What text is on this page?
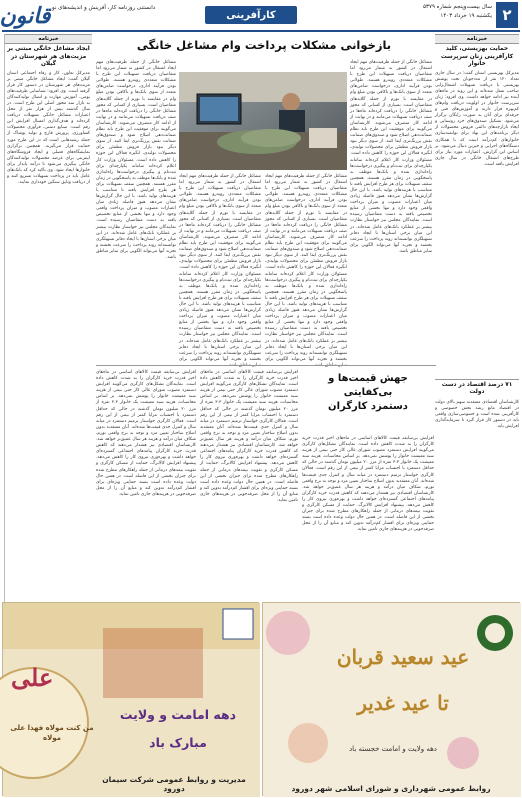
۲
قانون	کارآفرینی
سال بیست‌وپنجم شماره ۵۳۷۹
یکشنبه ۱۹ خرداد ۱۴۰۳
دانستنی روزنامه کار، آفرینش و اندیشه‌های نو
خبرنامه
حمایت بهزیستی، کلید کارآفرینی زنان سرپرست خانوار
مدیرکل بهزیستی استان گفت: در سال جاری تعداد ۱۲۰ نفر از مددجویان تحت پوشش بهزیستی با دریافت تسهیلات اشتغال‌زایی صاحب شغل شده‌اند و این روند در ماه‌های آینده نیز ادامه خواهد داشت. وی افزود: زنان سرپرست خانوار در اولویت دریافت وام‌های کم‌بهره قرار دارند و آموزش‌های فنی و حرفه‌ای برای آنان به صورت رایگان برگزار می‌شود. تشکیل صندوق‌های خرد روستایی و ایجاد بازارچه‌های دائمی فروش محصولات از دیگر برنامه‌های این نهاد برای توانمندسازی خانوارهای کم‌درآمد است که با همکاری دستگاه‌های اجرایی و خیرین دنبال می‌شود. بر اساس این گزارش، اعتبارات مورد نیاز برای طرح‌های اشتغال خانگی در سال جاری افزایش یافته است.
۷۱ درصد اقتصاد در دست دولت
کارشناسان اقتصادی معتقدند سهم بالای دولت در اقتصاد مانع رشد بخش خصوصی و کارآفرینی شده است و خصوصی‌سازی واقعی باید در دستور کار قرار گیرد تا سرمایه‌گذاری افزایش یابد.
خبرنامه
ایجاد مشاغل خانگی مبتنی بر مزیت‌های هر شهرستان در گیلان
مدیرکل تعاون، کار و رفاه اجتماعی استان گیلان گفت: ایجاد مشاغل خانگی مبتنی بر مزیت‌های هر شهرستان در دستور کار قرار گرفته است. وی افزود: شناسایی ظرفیت‌های بومی، آموزش مهارت و اتصال تولیدکنندگان به بازار سه محور اصلی این طرح است. در سال گذشته بیش از هزار نفر از محل اعتبارات مشاغل خانگی تسهیلات دریافت کرده‌اند و هدف‌گذاری امسال افزایش این رقم است. صنایع دستی، فرآوری محصولات کشاورزی، پرورش قارچ و تولید پوشاک از جمله رشته‌هایی است که در این طرح مورد حمایت قرار می‌گیرند. همچنین برگزاری نمایشگاه‌های فصلی و ایجاد فروشگاه‌های اینترنتی برای عرضه محصولات تولیدکنندگان خانگی پیگیری می‌شود تا درآمد پایدار برای خانوارها ایجاد شود. وی تاکید کرد که بانک‌های عامل باید در پرداخت تسهیلات تسریع کنند و از دریافت وثایق سنگین خودداری نمایند.
بازخوانی مشکلات پرداخت وام مشاغل خانگی
مشاغل خانگی از جمله ظرفیت‌های مهم ایجاد اشتغال در کشور به شمار می‌رود اما متقاضیان دریافت تسهیلات این طرح با مشکلات متعددی روبه‌رو هستند. طولانی بودن فرآیند اداری، درخواست ضامن‌های متعدد از سوی بانک‌ها و ناکافی بودن مبلغ وام در مقایسه با تورم از جمله گلایه‌های متقاضیان است. بسیاری از کسانی که مجوز مشاغل خانگی را دریافت کرده‌اند ماه‌ها در صف دریافت تسهیلات می‌مانند و در نهایت از ادامه کار منصرف می‌شوند. کارشناسان می‌گویند برای موفقیت این طرح باید نظام ضمانت‌دهی اصلاح شود و صندوق‌های ضمانت نقش پررنگ‌تری ایفا کنند. از سوی دیگر نبود بازار فروش مطمئن برای محصولات تولیدی، انگیزه فعالان این حوزه را کاهش داده است. مسئولان وزارت کار اعلام کرده‌اند سامانه یکپارچه‌ای برای ثبت‌نام و پیگیری درخواست‌ها راه‌اندازی شده و بانک‌ها موظف به پاسخگویی در زمان مقرر هستند. همچنین سقف تسهیلات برای هر طرح افزایش یافته تا متناسب با هزینه‌های تولید باشد. با این حال گزارش‌ها نشان می‌دهد هنوز فاصله زیادی میان اعتبارات مصوب و میزان پرداخت واقعی وجود دارد و تنها بخشی از منابع تخصیص یافته به دست متقاضیان رسیده است. نمایندگان مجلس نیز خواستار نظارت بیشتر بر عملکرد بانک‌های عامل شده‌اند. در این میان برخی استان‌ها با ایجاد دفاتر تسهیلگری توانسته‌اند روند پرداخت را سرعت بخشند و تجربه آنها می‌تواند الگویی برای سایر مناطق باشد.
مشاغل خانگی از جمله ظرفیت‌های مهم ایجاد اشتغال در کشور به شمار می‌رود اما متقاضیان دریافت تسهیلات این طرح با مشکلات متعددی روبه‌رو هستند. طولانی بودن فرآیند اداری، درخواست ضامن‌های متعدد از سوی بانک‌ها و ناکافی بودن مبلغ وام در مقایسه با تورم از جمله گلایه‌های متقاضیان است. بسیاری از کسانی که مجوز مشاغل خانگی را دریافت کرده‌اند ماه‌ها در صف دریافت تسهیلات می‌مانند و در نهایت از ادامه کار منصرف می‌شوند. کارشناسان می‌گویند برای موفقیت این طرح باید نظام ضمانت‌دهی اصلاح شود و صندوق‌های ضمانت نقش پررنگ‌تری ایفا کنند. از سوی دیگر نبود بازار فروش مطمئن برای محصولات تولیدی، انگیزه فعالان این حوزه را کاهش داده است. مسئولان وزارت کار اعلام کرده‌اند سامانه یکپارچه‌ای برای ثبت‌نام و پیگیری درخواست‌ها راه‌اندازی شده و بانک‌ها موظف به پاسخگویی در زمان مقرر هستند. همچنین سقف تسهیلات برای هر طرح افزایش یافته تا متناسب با هزینه‌های تولید باشد. با این حال گزارش‌ها نشان می‌دهد هنوز فاصله زیادی میان اعتبارات مصوب و میزان پرداخت واقعی وجود دارد و تنها بخشی از منابع تخصیص یافته به دست متقاضیان رسیده است. نمایندگان مجلس نیز خواستار نظارت بیشتر بر عملکرد بانک‌های عامل شده‌اند. در این میان برخی استان‌ها با ایجاد دفاتر تسهیلگری توانسته‌اند روند پرداخت را سرعت بخشند و تجربه آنها می‌تواند الگویی برای سایر مناطق باشد.
مشاغل خانگی از جمله ظرفیت‌های مهم ایجاد اشتغال در کشور به شمار می‌رود اما متقاضیان دریافت تسهیلات این طرح با مشکلات متعددی روبه‌رو هستند. طولانی بودن فرآیند اداری، درخواست ضامن‌های متعدد از سوی بانک‌ها و ناکافی بودن مبلغ وام در مقایسه با تورم از جمله گلایه‌های متقاضیان است. بسیاری از کسانی که مجوز مشاغل خانگی را دریافت کرده‌اند ماه‌ها در صف دریافت تسهیلات می‌مانند و در نهایت از ادامه کار منصرف می‌شوند. کارشناسان می‌گویند برای موفقیت این طرح باید نظام ضمانت‌دهی اصلاح شود و صندوق‌های ضمانت نقش پررنگ‌تری ایفا کنند. از سوی دیگر نبود بازار فروش مطمئن برای محصولات تولیدی، انگیزه فعالان این حوزه را کاهش داده است. مسئولان وزارت کار اعلام کرده‌اند سامانه یکپارچه‌ای برای ثبت‌نام و پیگیری درخواست‌ها راه‌اندازی شده و بانک‌ها موظف به پاسخگویی در زمان مقرر هستند. همچنین سقف تسهیلات برای هر طرح افزایش یافته تا متناسب با هزینه‌های تولید باشد. با این حال گزارش‌ها نشان می‌دهد هنوز فاصله زیادی میان اعتبارات مصوب و میزان پرداخت واقعی وجود دارد و تنها بخشی از منابع تخصیص یافته به دست متقاضیان رسیده است. نمایندگان مجلس نیز خواستار نظارت بیشتر بر عملکرد بانک‌های عامل شده‌اند. در این میان برخی استان‌ها با ایجاد دفاتر تسهیلگری توانسته‌اند روند پرداخت را سرعت بخشند و تجربه آنها می‌تواند الگویی برای سایر مناطق باشد.
مشاغل خانگی از جمله ظرفیت‌های مهم ایجاد اشتغال در کشور به شمار می‌رود اما متقاضیان دریافت تسهیلات این طرح با مشکلات متعددی روبه‌رو هستند. طولانی بودن فرآیند اداری، درخواست ضامن‌های متعدد از سوی بانک‌ها و ناکافی بودن مبلغ وام در مقایسه با تورم از جمله گلایه‌های متقاضیان است. بسیاری از کسانی که مجوز مشاغل خانگی را دریافت کرده‌اند ماه‌ها در صف دریافت تسهیلات می‌مانند و در نهایت از ادامه کار منصرف می‌شوند. کارشناسان می‌گویند برای موفقیت این طرح باید نظام ضمانت‌دهی اصلاح شود و صندوق‌های ضمانت نقش پررنگ‌تری ایفا کنند. از سوی دیگر نبود بازار فروش مطمئن برای محصولات تولیدی، انگیزه فعالان این حوزه را کاهش داده است. مسئولان وزارت کار اعلام کرده‌اند سامانه یکپارچه‌ای برای ثبت‌نام و پیگیری درخواست‌ها راه‌اندازی شده و بانک‌ها موظف به پاسخگویی در زمان مقرر هستند. همچنین سقف تسهیلات برای هر طرح افزایش یافته تا متناسب با هزینه‌های تولید باشد. با این حال گزارش‌ها نشان می‌دهد هنوز فاصله زیادی میان اعتبارات مصوب و میزان پرداخت واقعی وجود دارد و تنها بخشی از منابع تخصیص یافته به دست متقاضیان رسیده است. نمایندگان مجلس نیز خواستار نظارت بیشتر بر عملکرد بانک‌های عامل شده‌اند. در این میان برخی استان‌ها با ایجاد دفاتر تسهیلگری توانسته‌اند روند پرداخت را سرعت بخشند و تجربه آنها می‌تواند الگویی برای سایر مناطق باشد.
جهش قیمت‌ها و
بی‌کفایتی
دستمزد کارگران
افزایش بی‌سابقه قیمت کالاهای اساسی در ماه‌های اخیر قدرت خرید کارگران را به شدت کاهش داده است. نمایندگان تشکل‌های کارگری می‌گویند افزایش دستمزد مصوب شورای عالی کار حتی نیمی از هزینه سبد معیشت خانوار را پوشش نمی‌دهد. بر اساس محاسبات، هزینه سبد معیشت یک خانوار ۳.۳ نفره از مرز ۲۰ میلیون تومان گذشته در حالی که حداقل دستمزد با احتساب مزایا کمتر از نیمی از این رقم است. فعالان کارگری خواستار ترمیم دستمزد در میانه سال و کنترل جدی قیمت‌ها شده‌اند. آنان معتقدند بدون اصلاح ساختار تعیین مزد و توجه به نرخ واقعی تورم، شکاف میان درآمد و هزینه هر سال عمیق‌تر خواهد شد. کارشناسان اقتصادی نیز هشدار می‌دهند که کاهش قدرت خرید کارگران پیامدهای اجتماعی گسترده‌ای خواهد داشت و بهره‌وری نیروی کار را کاهش می‌دهد. پیشنهاد افزایش کالابرگ، حمایت از مسکن کارگری و تقویت بیمه‌های درمانی از جمله راهکارهای مطرح شده برای جبران بخشی از این فاصله است. در همین حال دولت وعده داده است بسته حمایتی ویژه‌ای برای اقشار کم‌درآمد تدوین کند و منابع آن را از محل صرفه‌جویی در هزینه‌های جاری تامین نماید.
افزایش بی‌سابقه قیمت کالاهای اساسی در ماه‌های اخیر قدرت خرید کارگران را به شدت کاهش داده است. نمایندگان تشکل‌های کارگری می‌گویند افزایش دستمزد مصوب شورای عالی کار حتی نیمی از هزینه سبد معیشت خانوار را پوشش نمی‌دهد. بر اساس محاسبات، هزینه سبد معیشت یک خانوار ۳.۳ نفره از مرز ۲۰ میلیون تومان گذشته در حالی که حداقل دستمزد با احتساب مزایا کمتر از نیمی از این رقم است. فعالان کارگری خواستار ترمیم دستمزد در میانه سال و کنترل جدی قیمت‌ها شده‌اند. آنان معتقدند بدون اصلاح ساختار تعیین مزد و توجه به نرخ واقعی تورم، شکاف میان درآمد و هزینه هر سال عمیق‌تر خواهد شد. کارشناسان اقتصادی نیز هشدار می‌دهند که کاهش قدرت خرید کارگران پیامدهای اجتماعی گسترده‌ای خواهد داشت و بهره‌وری نیروی کار را کاهش می‌دهد. پیشنهاد افزایش کالابرگ، حمایت از مسکن کارگری و تقویت بیمه‌های درمانی از جمله راهکارهای مطرح شده برای جبران بخشی از این فاصله است. در همین حال دولت وعده داده است بسته حمایتی ویژه‌ای برای اقشار کم‌درآمد تدوین کند و منابع آن را از محل صرفه‌جویی در هزینه‌های جاری تامین نماید.
افزایش بی‌سابقه قیمت کالاهای اساسی در ماه‌های اخیر قدرت خرید کارگران را به شدت کاهش داده است. نمایندگان تشکل‌های کارگری می‌گویند افزایش دستمزد مصوب شورای عالی کار حتی نیمی از هزینه سبد معیشت خانوار را پوشش نمی‌دهد. بر اساس محاسبات، هزینه سبد معیشت یک خانوار ۳.۳ نفره از مرز ۲۰ میلیون تومان گذشته در حالی که حداقل دستمزد با احتساب مزایا کمتر از نیمی از این رقم است. فعالان کارگری خواستار ترمیم دستمزد در میانه سال و کنترل جدی قیمت‌ها شده‌اند. آنان معتقدند بدون اصلاح ساختار تعیین مزد و توجه به نرخ واقعی تورم، شکاف میان درآمد و هزینه هر سال عمیق‌تر خواهد شد. کارشناسان اقتصادی نیز هشدار می‌دهند که کاهش قدرت خرید کارگران پیامدهای اجتماعی گسترده‌ای خواهد داشت و بهره‌وری نیروی کار را کاهش می‌دهد. پیشنهاد افزایش کالابرگ، حمایت از مسکن کارگری و تقویت بیمه‌های درمانی از جمله راهکارهای مطرح شده برای جبران بخشی از این فاصله است. در همین حال دولت وعده داده است بسته حمایتی ویژه‌ای برای اقشار کم‌درآمد تدوین کند و منابع آن را از محل صرفه‌جویی در هزینه‌های جاری تامین نماید.
علی
من کنت مولاه فهذا علی مولاه
دهه امامت و ولایت
مبارک باد
مدیریت و روابط عمومی شرکت سیمان دورود
عید سعید قربان
تا عید غدیر
دهه ولایت و امامت خجسته باد
روابط عمومی شهرداری و شورای اسلامی شهر دورود
